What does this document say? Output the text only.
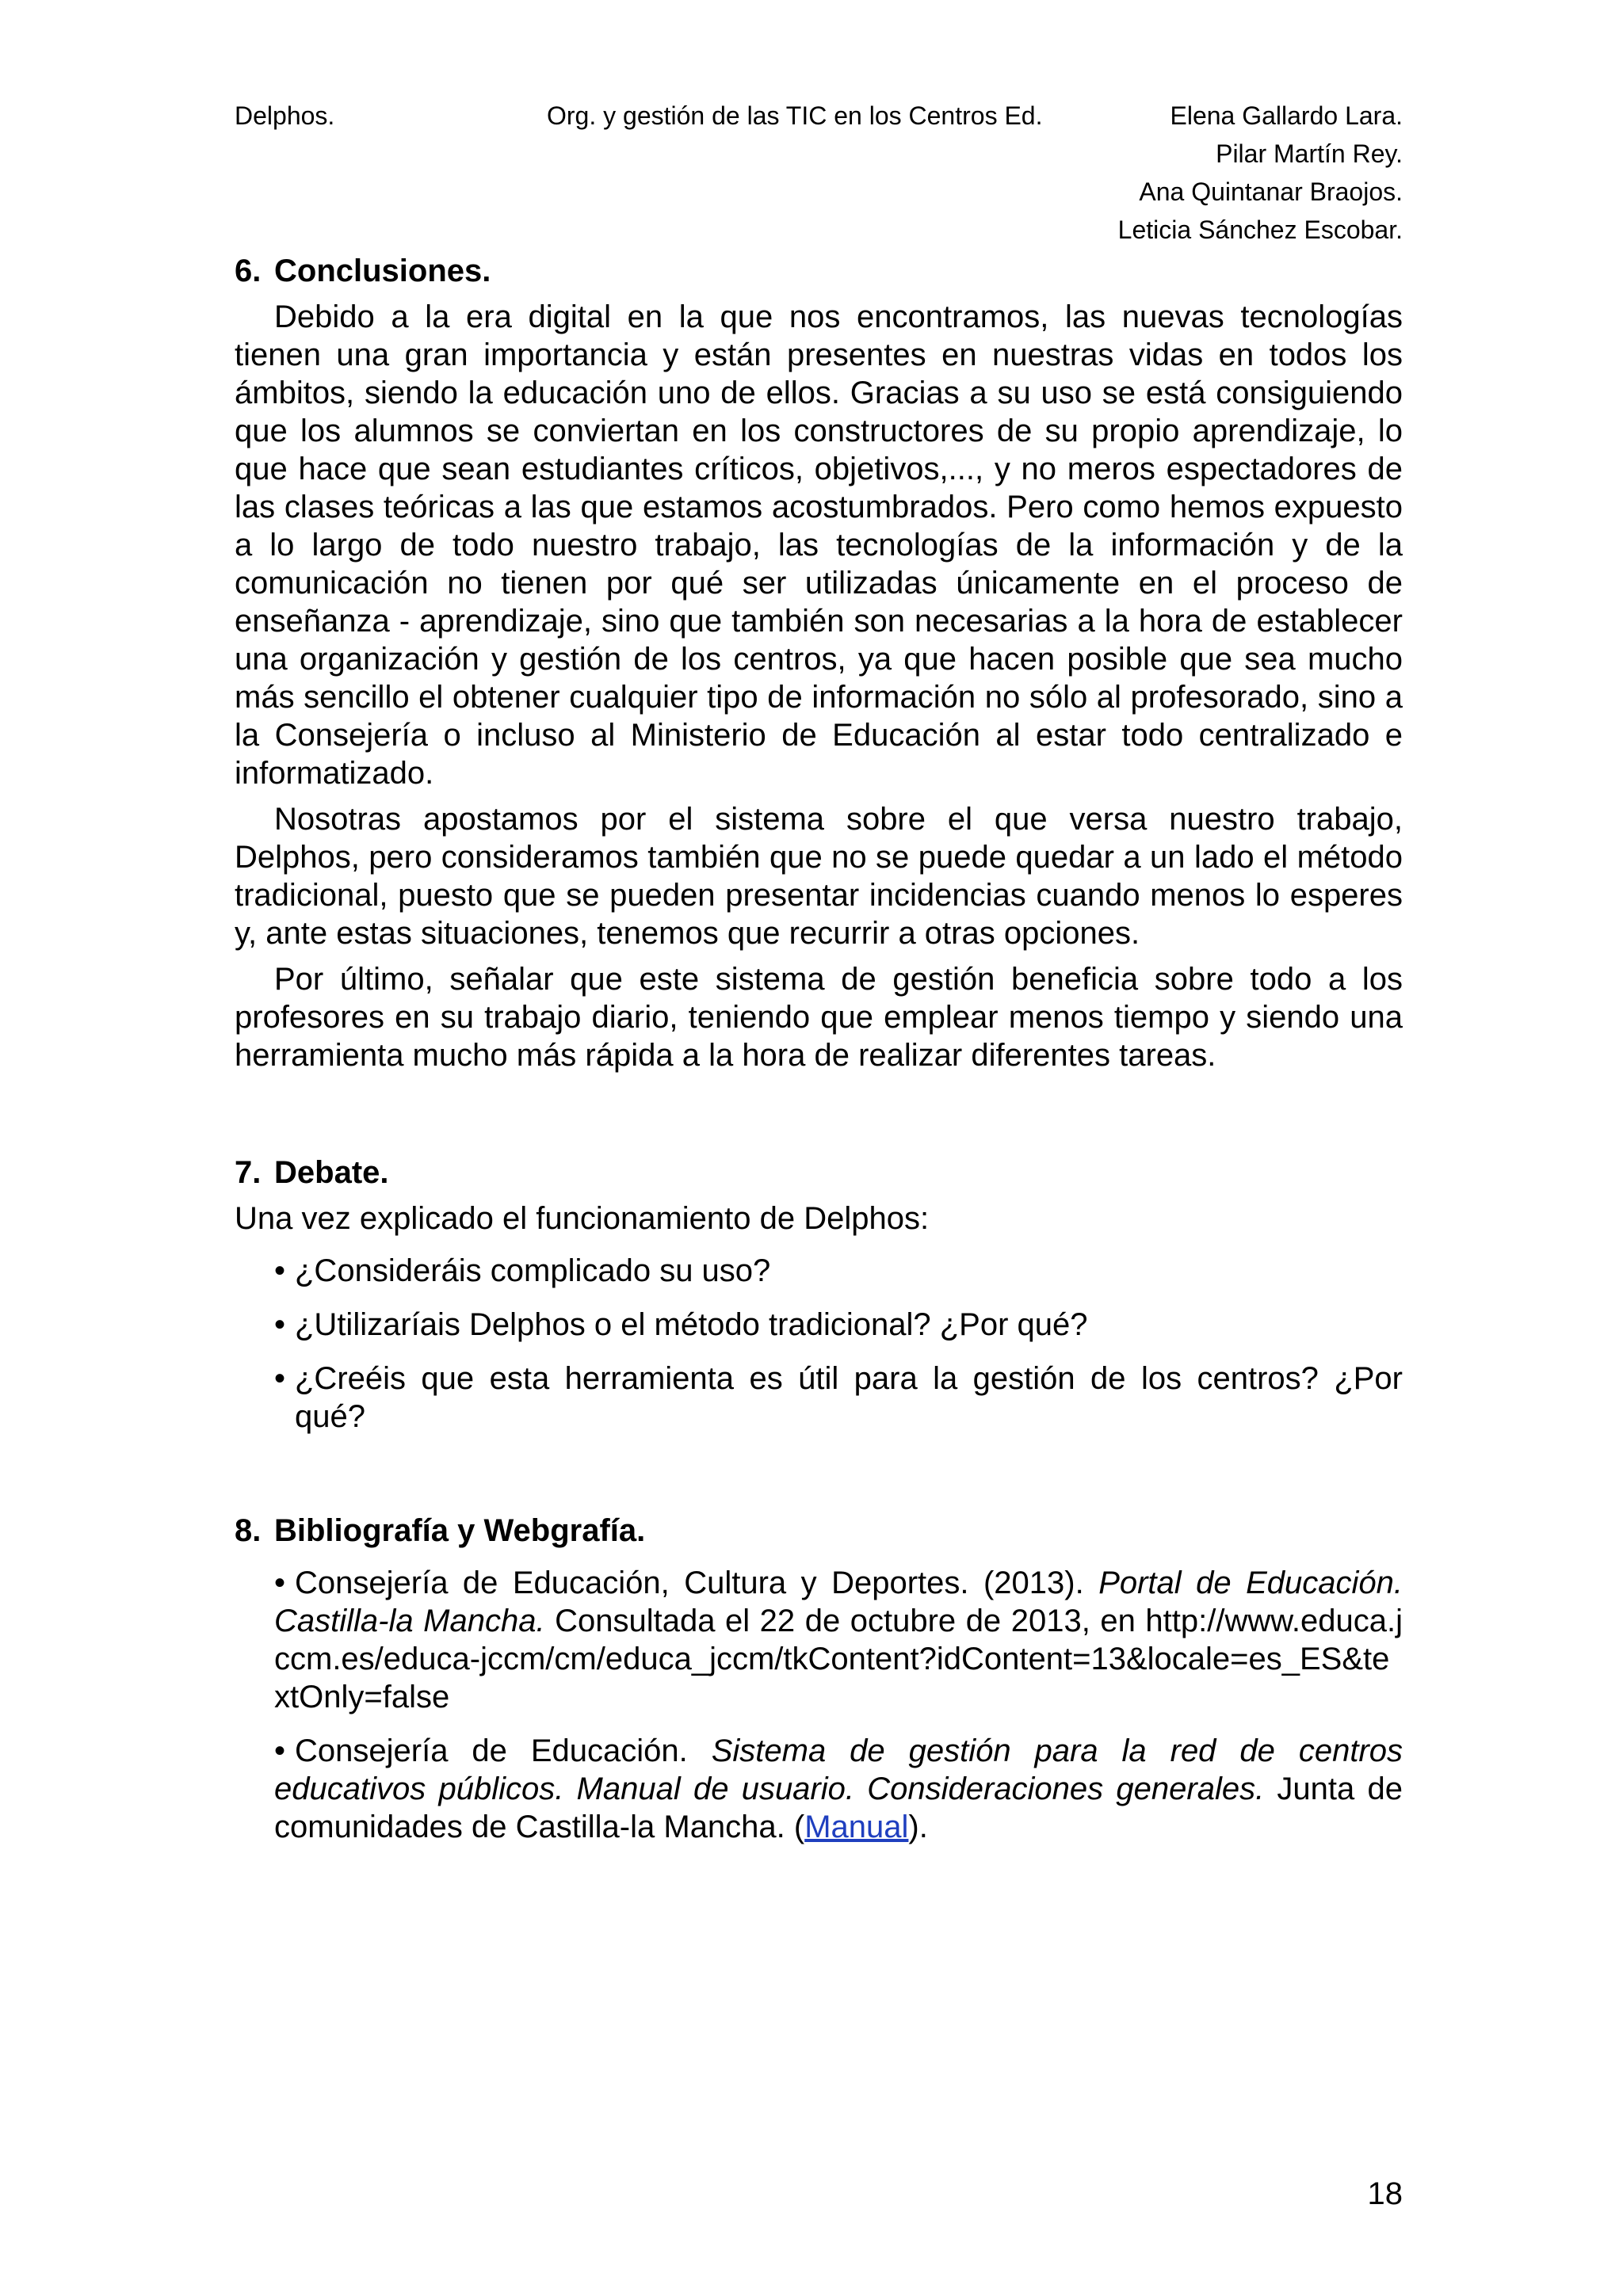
Delphos.	Org. y gestión de las TIC en los Centros Ed.	Elena Gallardo Lara.
Pilar Martín Rey.
Ana Quintanar Braojos.
Leticia Sánchez Escobar.
6. Conclusiones.

Debido a la era digital en la que nos encontramos, las nuevas tecnologías tienen una gran importancia y están presentes en nuestras vidas en todos los ámbitos, siendo la educación uno de ellos. Gracias a su uso se está consiguiendo que los alumnos se conviertan en los constructores de su propio aprendizaje, lo que hace que sean estudiantes críticos, objetivos,..., y no meros espectadores de las clases teóricas a las que estamos acostumbrados. Pero como hemos expuesto a lo largo de todo nuestro trabajo, las tecnologías de la información y de la comunicación no tienen por qué ser utilizadas únicamente en el proceso de enseñanza - aprendizaje, sino que también son necesarias a la hora de establecer una organización y gestión de los centros, ya que hacen posible que sea mucho más sencillo el obtener cualquier tipo de información no sólo al profesorado, sino a la Consejería o incluso al Ministerio de Educación al estar todo centralizado e informatizado.

Nosotras apostamos por el sistema sobre el que versa nuestro trabajo, Delphos, pero consideramos también que no se puede quedar a un lado el método tradicional, puesto que se pueden presentar incidencias cuando menos lo esperes y, ante estas situaciones, tenemos que recurrir a otras opciones.

Por último, señalar que este sistema de gestión beneficia sobre todo a los profesores en su trabajo diario, teniendo que emplear menos tiempo y siendo una herramienta mucho más rápida a la hora de realizar diferentes tareas.

7. Debate.

Una vez explicado el funcionamiento de Delphos:

• ¿Consideráis complicado su uso?
• ¿Utilizaríais Delphos o el método tradicional? ¿Por qué?
• ¿Creéis que esta herramienta es útil para la gestión de los centros? ¿Por qué?
8. Bibliografía y Webgrafía.
• Consejería de Educación, Cultura y Deportes. (2013). Portal de Educación. Castilla-la Mancha. Consultada el 22 de octubre de 2013, en http://www.educa.jccm.es/educa-jccm/cm/educa_jccm/tkContent?idContent=13&locale=es_ES&textOnly=false
• Consejería de Educación. Sistema de gestión para la red de centros educativos públicos. Manual de usuario. Consideraciones generales. Junta de comunidades de Castilla-la Mancha. (Manual).
18
